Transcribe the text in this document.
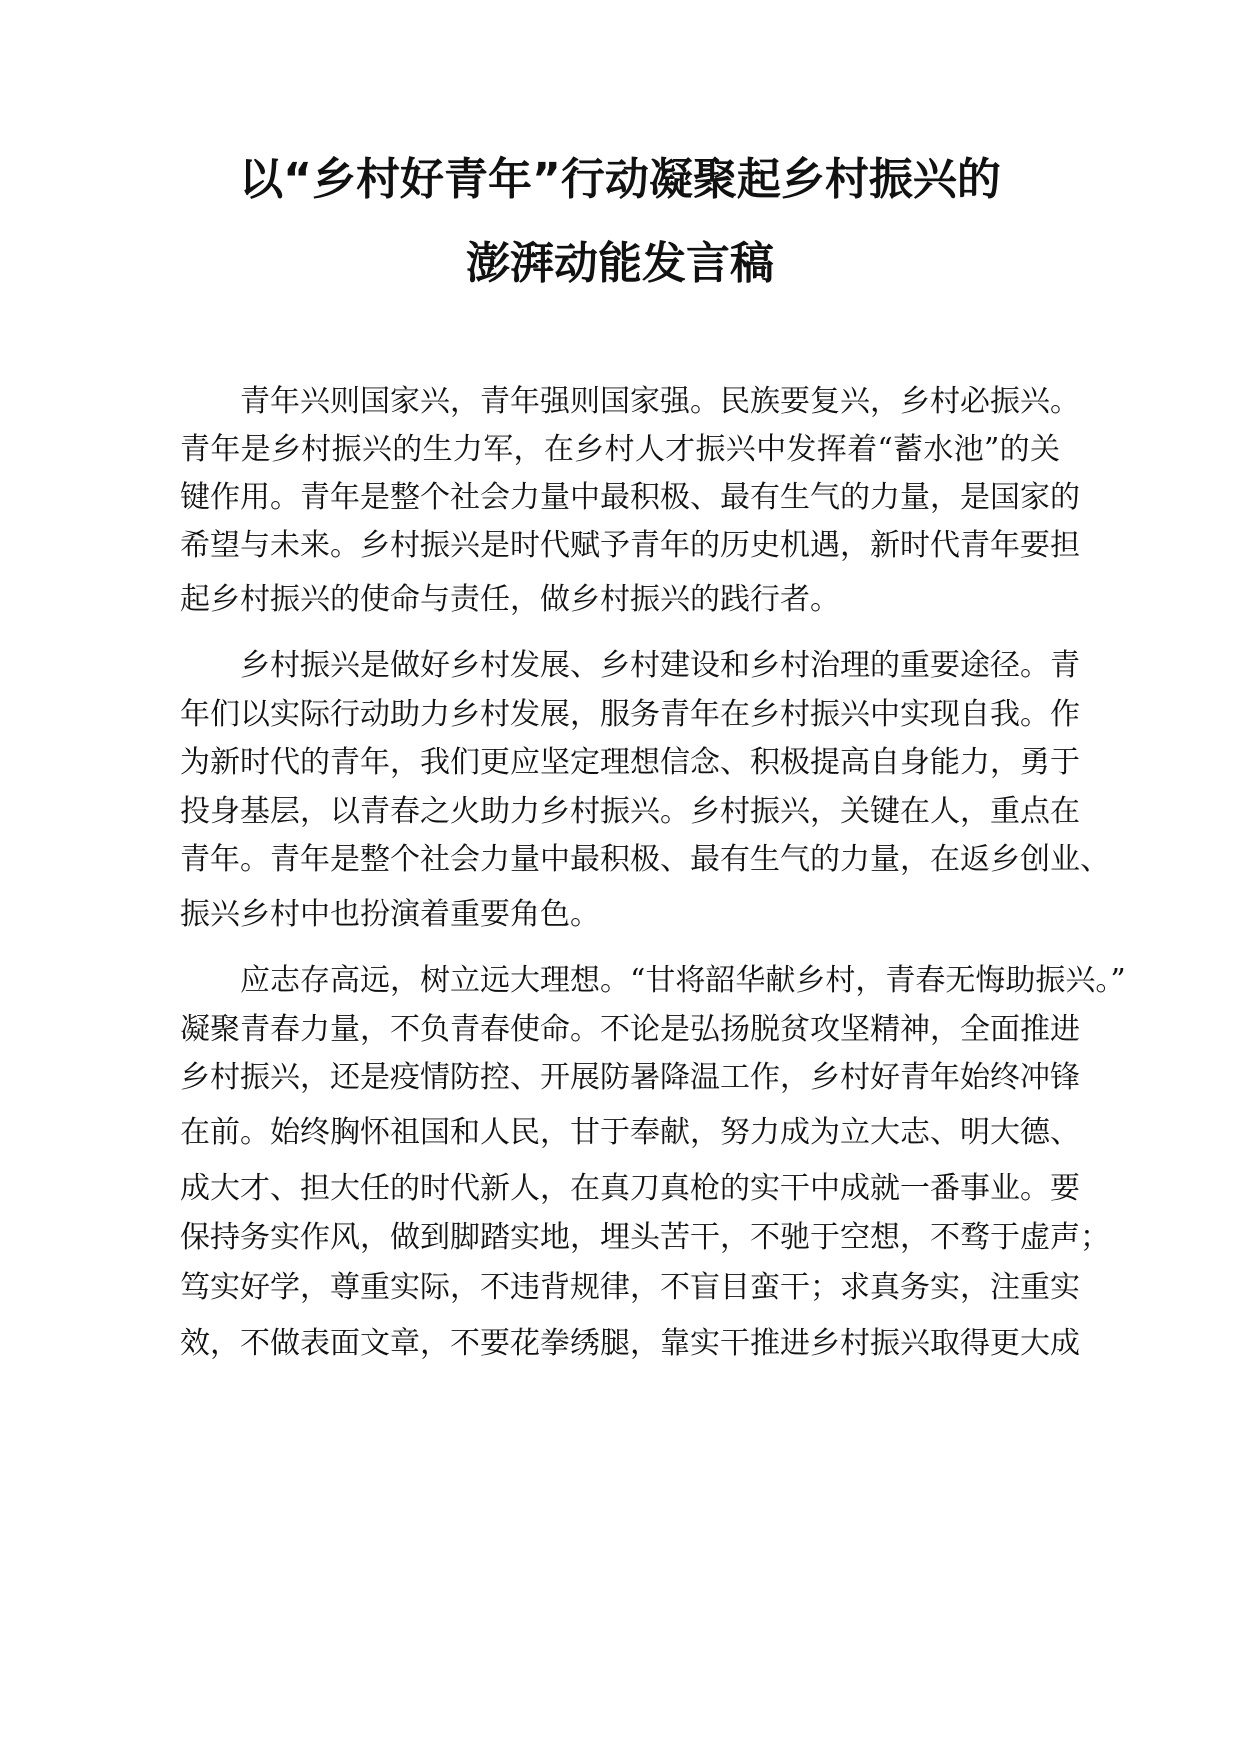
以“乡村好青年”行动凝聚起乡村振兴的
澎湃动能发言稿

青年兴则国家兴，青年强则国家强。民族要复兴，乡村必振兴。

青年是乡村振兴的生力军，在乡村人才振兴中发挥着“蓄水池”的关

键作用。青年是整个社会力量中最积极、最有生气的力量，是国家的

希望与未来。乡村振兴是时代赋予青年的历史机遇，新时代青年要担

起乡村振兴的使命与责任，做乡村振兴的践行者。

乡村振兴是做好乡村发展、乡村建设和乡村治理的重要途径。青

年们以实际行动助力乡村发展，服务青年在乡村振兴中实现自我。作

为新时代的青年，我们更应坚定理想信念、积极提高自身能力，勇于

投身基层，以青春之火助力乡村振兴。乡村振兴，关键在人，重点在

青年。青年是整个社会力量中最积极、最有生气的力量，在返乡创业、

振兴乡村中也扮演着重要角色。

应志存高远，树立远大理想。“甘将韶华献乡村，青春无悔助振兴。”

凝聚青春力量，不负青春使命。不论是弘扬脱贫攻坚精神，全面推进

乡村振兴，还是疫情防控、开展防暑降温工作，乡村好青年始终冲锋

在前。始终胸怀祖国和人民，甘于奉献，努力成为立大志、明大德、

成大才、担大任的时代新人，在真刀真枪的实干中成就一番事业。要

保持务实作风，做到脚踏实地，埋头苦干，不驰于空想，不骛于虚声；

笃实好学，尊重实际，不违背规律，不盲目蛮干；求真务实，注重实

效，不做表面文章，不要花拳绣腿，靠实干推进乡村振兴取得更大成
